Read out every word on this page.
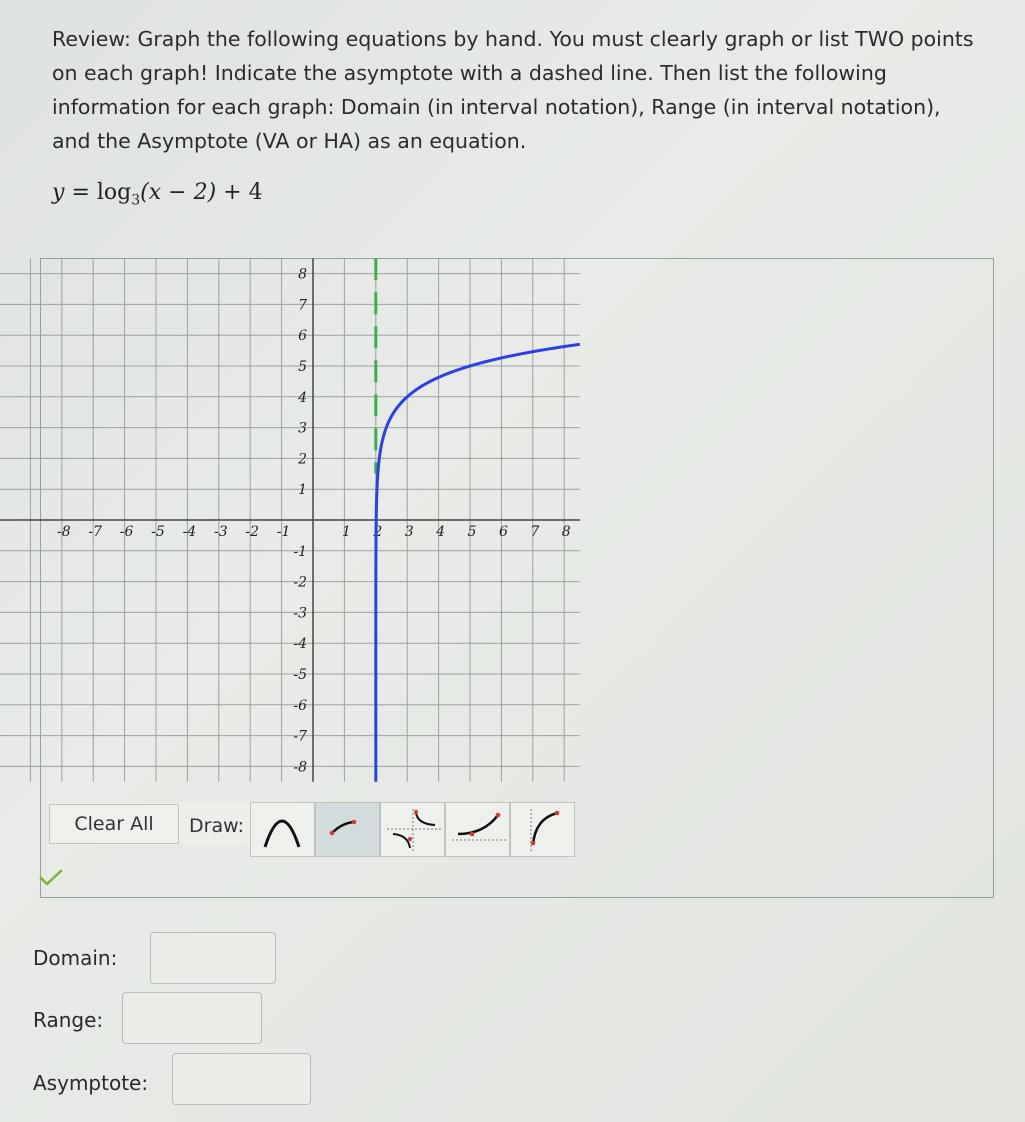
Review: Graph the following equations by hand. You must clearly graph or list TWO points on each graph! Indicate the asymptote with a dashed line. Then list the following information for each graph: Domain (in interval notation), Range (in interval notation), and the Asymptote (VA or HA) as an equation.

$y = \log_3(x - 2) + 4$
-8 -7 -6 -5 -4 -3 -2 -1	1 2 3 4 5 6 7 8
8
7
6
5
4
3
2
1
-1
-2
-3
-4
-5
-6
-7
-8
Clear All	Draw:
Domain:
Range:
Asymptote:
